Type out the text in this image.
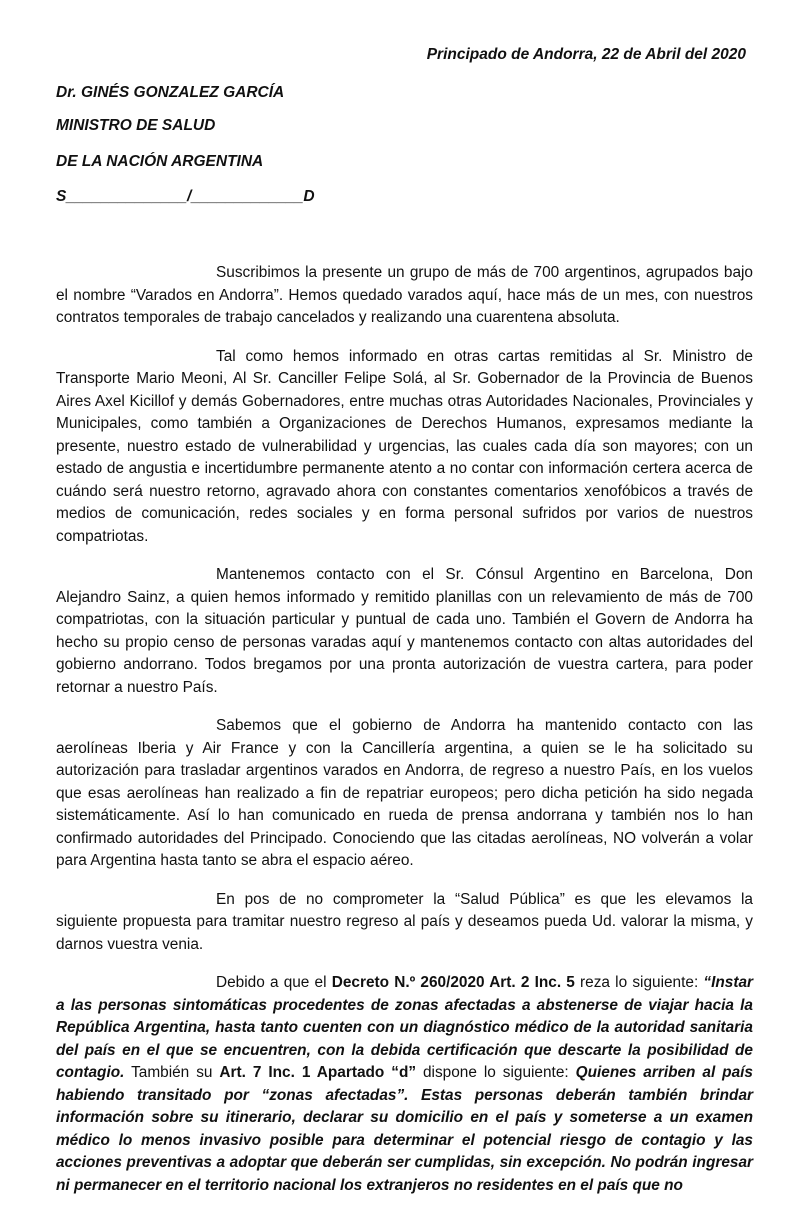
Principado de Andorra, 22 de Abril del 2020
Dr. GINÉS GONZALEZ GARCÍA
MINISTRO DE SALUD
DE LA NACIÓN ARGENTINA
S______________/_____________D

Suscribimos la presente un grupo de más de 700 argentinos, agrupados bajo el nombre “Varados en Andorra”. Hemos quedado varados aquí, hace más de un mes, con nuestros contratos temporales de trabajo cancelados y realizando una cuarentena absoluta.

Tal como hemos informado en otras cartas remitidas al Sr. Ministro de Transporte Mario Meoni, Al Sr. Canciller Felipe Solá, al Sr. Gobernador de la Provincia de Buenos Aires Axel Kicillof y demás Gobernadores, entre muchas otras Autoridades Nacionales, Provinciales y Municipales, como también a Organizaciones de Derechos Humanos, expresamos mediante la presente, nuestro estado de vulnerabilidad y urgencias, las cuales cada día son mayores; con un estado de angustia e incertidumbre permanente atento a no contar con información certera acerca de cuándo será nuestro retorno, agravado ahora con constantes comentarios xenofóbicos a través de medios de comunicación, redes sociales y en forma personal sufridos por varios de nuestros compatriotas.

Mantenemos contacto con el Sr. Cónsul Argentino en Barcelona, Don Alejandro Sainz, a quien hemos informado y remitido planillas con un relevamiento de más de 700 compatriotas, con la situación particular y puntual de cada uno. También el Govern de Andorra ha hecho su propio censo de personas varadas aquí y mantenemos contacto con altas autoridades del gobierno andorrano. Todos bregamos por una pronta autorización de vuestra cartera, para poder retornar a nuestro País.

Sabemos que el gobierno de Andorra ha mantenido contacto con las aerolíneas Iberia y Air France y con la Cancillería argentina, a quien se le ha solicitado su autorización para trasladar argentinos varados en Andorra, de regreso a nuestro País, en los vuelos que esas aerolíneas han realizado a fin de repatriar europeos; pero dicha petición ha sido negada sistemáticamente. Así lo han comunicado en rueda de prensa andorrana y también nos lo han confirmado autoridades del Principado. Conociendo que las citadas aerolíneas, NO volverán a volar para Argentina hasta tanto se abra el espacio aéreo.

En pos de no comprometer la “Salud Pública” es que les elevamos la siguiente propuesta para tramitar nuestro regreso al país y deseamos pueda Ud. valorar la misma, y darnos vuestra venia.

Debido a que el Decreto N.º 260/2020 Art. 2 Inc. 5 reza lo siguiente: “Instar a las personas sintomáticas procedentes de zonas afectadas a abstenerse de viajar hacia la República Argentina, hasta tanto cuenten con un diagnóstico médico de la autoridad sanitaria del país en el que se encuentren, con la debida certificación que descarte la posibilidad de contagio. También su Art. 7 Inc. 1 Apartado “d” dispone lo siguiente: Quienes arriben al país habiendo transitado por “zonas afectadas”. Estas personas deberán también brindar información sobre su itinerario, declarar su domicilio en el país y someterse a un examen médico lo menos invasivo posible para determinar el potencial riesgo de contagio y las acciones preventivas a adoptar que deberán ser cumplidas, sin excepción. No podrán ingresar ni permanecer en el territorio nacional los extranjeros no residentes en el país que no
